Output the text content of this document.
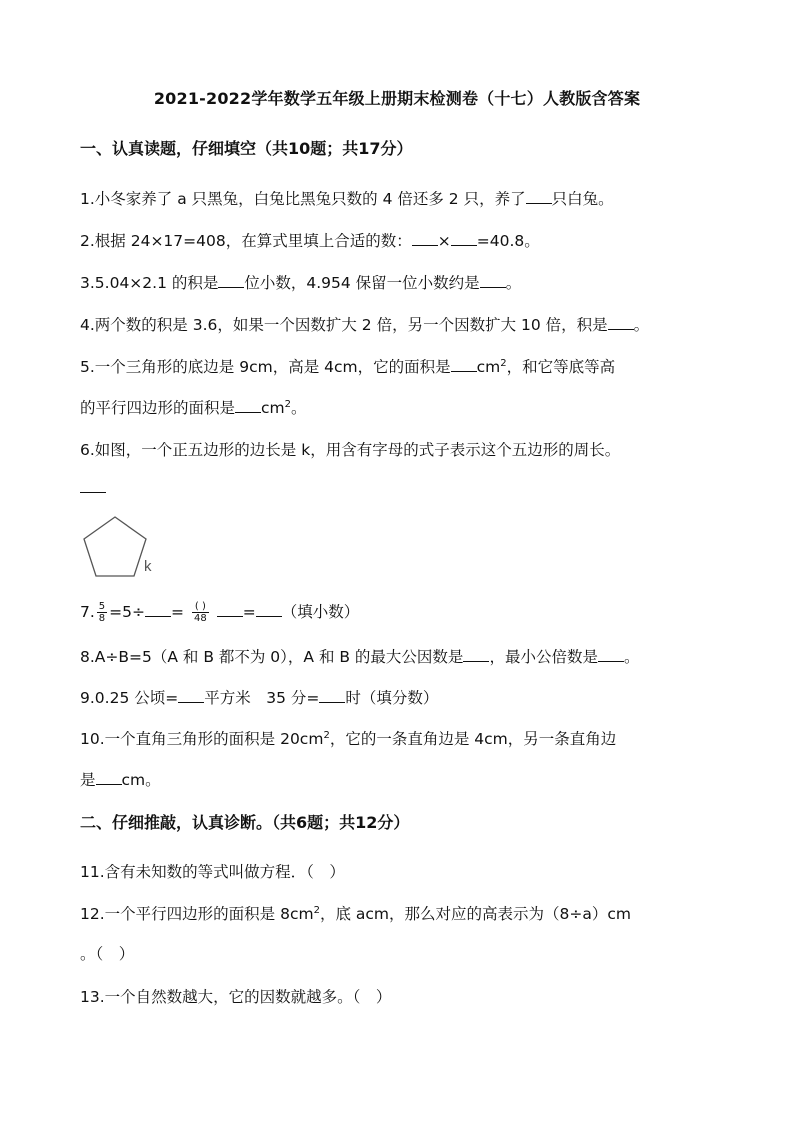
2021-2022学年数学五年级上册期末检测卷（十七）人教版含答案
一、认真读题，仔细填空（共10题；共17分）
1.小冬家养了 a 只黑兔，白兔比黑兔只数的 4 倍还多 2 只，养了 只白兔。
2.根据 24×17=408，在算式里填上合适的数： × =40.8。
3.5.04×2.1 的积是 位小数，4.954 保留一位小数约是 。
4.两个数的积是 3.6，如果一个因数扩大 2 倍，另一个因数扩大 10 倍，积是 。
5.一个三角形的底边是 9cm，高是 4cm，它的面积是 $cm^2$，和它等底等高
的平行四边形的面积是 $cm^2$。
6.如图，一个正五边形的边长是 k，用含有字母的式子表示这个五边形的周长。
k
7. $\frac{5}{8} =5\div = \frac{( )}{48}$ = （填小数）
8.A÷B=5（A 和 B 都不为 0），A 和 B 的最大公因数是 ，最小公倍数是 。
9.0.25 公顷= 平方米　35 分= 时（填分数）
10.一个直角三角形的面积是 $20cm^2$，它的一条直角边是 4cm，另一条直角边
是 cm。
二、仔细推敲，认真诊断。（共6题；共12分）
11.含有未知数的等式叫做方程．（　）
12.一个平行四边形的面积是 $8cm^2$，底 acm，那么对应的高表示为（8÷a）cm
。（　）
13.一个自然数越大，它的因数就越多。（　）
